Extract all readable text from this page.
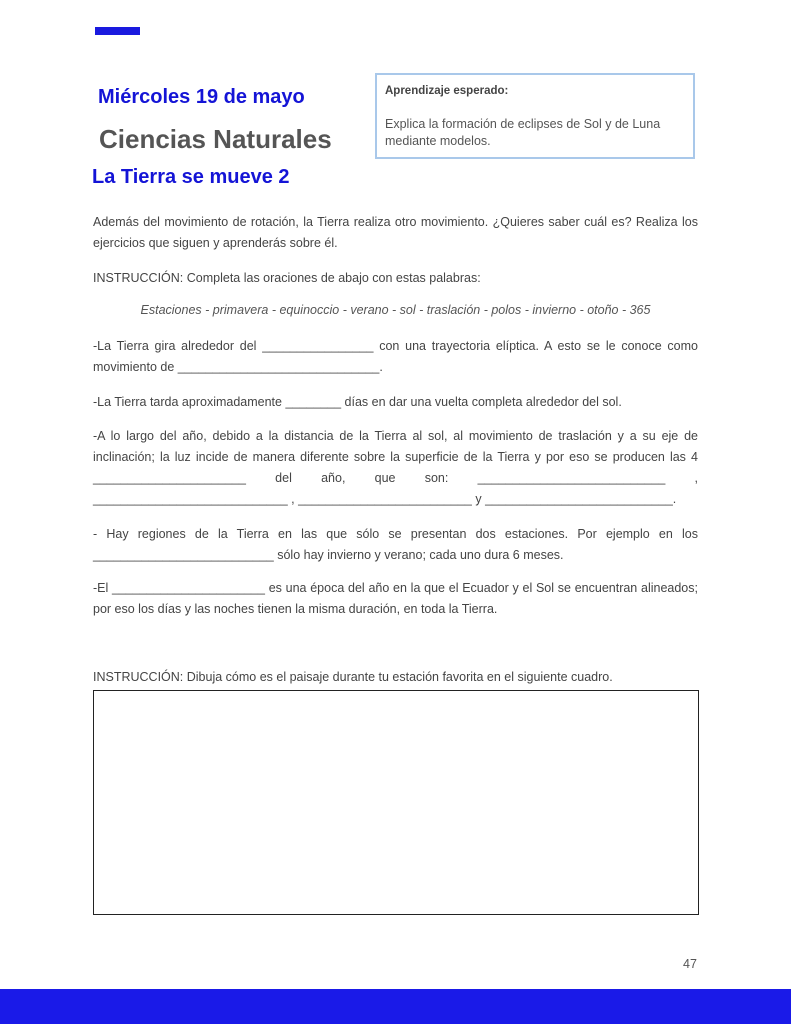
Miércoles 19 de mayo
Ciencias Naturales
La Tierra se mueve 2
Aprendizaje esperado:
Explica la formación de eclipses de Sol y de Luna mediante modelos.

Además del movimiento de rotación, la Tierra realiza otro movimiento. ¿Quieres saber cuál es? Realiza los ejercicios que siguen y aprenderás sobre él.

INSTRUCCIÓN: Completa las oraciones de abajo con estas palabras:

Estaciones - primavera - equinoccio - verano - sol - traslación - polos - invierno - otoño - 365

-La Tierra gira alrededor del ________________ con una trayectoria elíptica. A esto se le conoce como movimiento de _____________________________.

-La Tierra tarda aproximadamente ________ días en dar una vuelta completa alrededor del sol.

-A lo largo del año, debido a la distancia de la Tierra al sol, al movimiento de traslación y a su eje de inclinación; la luz incide de manera diferente sobre la superficie de la Tierra y por eso se producen las 4 ______________________ del año, que son: ___________________________ , ____________________________ , _________________________ y ___________________________.

- Hay regiones de la Tierra en las que sólo se presentan dos estaciones. Por ejemplo en los __________________________ sólo hay invierno y verano; cada uno dura 6 meses.

-El ______________________ es una época del año en la que el Ecuador y el Sol se encuentran alineados; por eso los días y las noches tienen la misma duración, en toda la Tierra.

INSTRUCCIÓN: Dibuja cómo es el paisaje durante tu estación favorita en el siguiente cuadro.

47
